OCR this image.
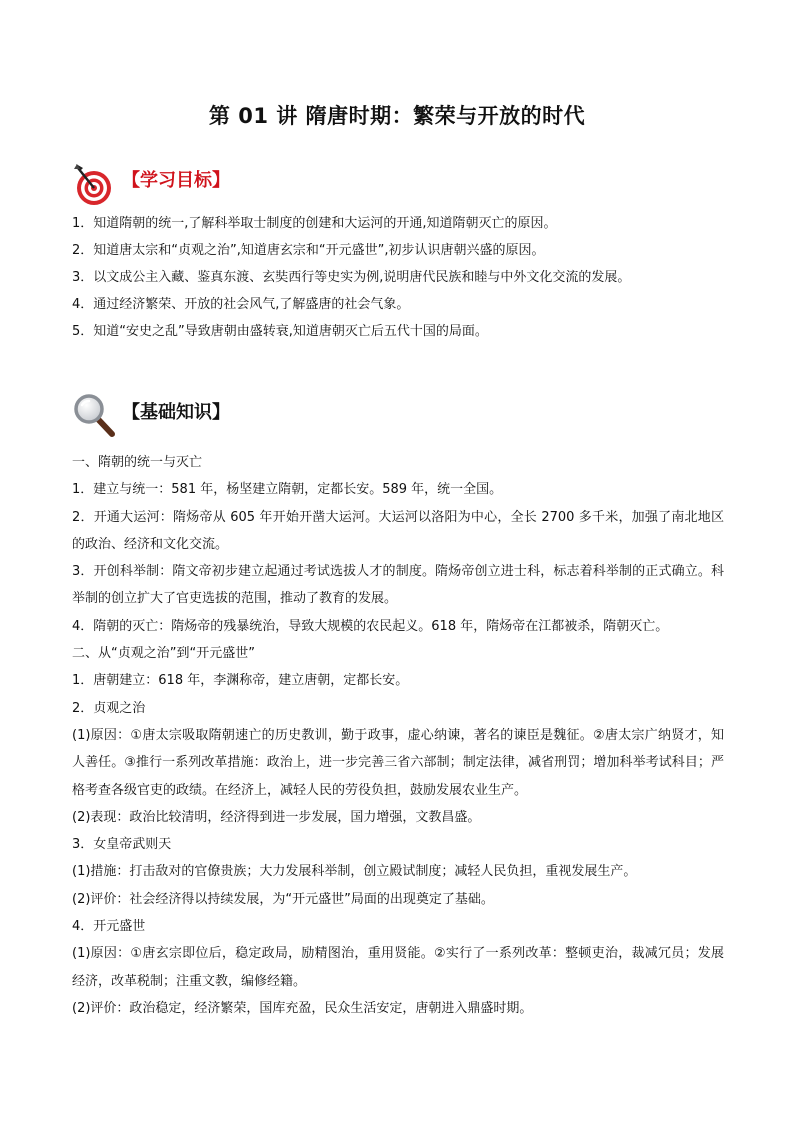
第 01 讲 隋唐时期：繁荣与开放的时代
【学习目标】

1．知道隋朝的统一,了解科举取士制度的创建和大运河的开通,知道隋朝灭亡的原因。

2．知道唐太宗和“贞观之治”,知道唐玄宗和“开元盛世”,初步认识唐朝兴盛的原因。

3．以文成公主入藏、鉴真东渡、玄奘西行等史实为例,说明唐代民族和睦与中外文化交流的发展。

4．通过经济繁荣、开放的社会风气,了解盛唐的社会气象。

5．知道“安史之乱”导致唐朝由盛转衰,知道唐朝灭亡后五代十国的局面。

【基础知识】

一、隋朝的统一与灭亡

1．建立与统一：581 年，杨坚建立隋朝，定都长安。589 年，统一全国。

2．开通大运河：隋炀帝从 605 年开始开凿大运河。大运河以洛阳为中心，全长 2700 多千米，加强了南北地区的政治、经济和文化交流。

3．开创科举制：隋文帝初步建立起通过考试选拔人才的制度。隋炀帝创立进士科，标志着科举制的正式确立。科举制的创立扩大了官吏选拔的范围，推动了教育的发展。

4．隋朝的灭亡：隋炀帝的残暴统治，导致大规模的农民起义。618 年，隋炀帝在江都被杀，隋朝灭亡。

二、从“贞观之治”到“开元盛世”

1．唐朝建立：618 年，李渊称帝，建立唐朝，定都长安。

2．贞观之治

(1)原因：①唐太宗吸取隋朝速亡的历史教训，勤于政事，虚心纳谏，著名的谏臣是魏征。②唐太宗广纳贤才，知人善任。③推行一系列改革措施：政治上，进一步完善三省六部制；制定法律，减省刑罚；增加科举考试科目；严格考查各级官吏的政绩。在经济上，减轻人民的劳役负担，鼓励发展农业生产。

(2)表现：政治比较清明，经济得到进一步发展，国力增强，文教昌盛。

3．女皇帝武则天

(1)措施：打击敌对的官僚贵族；大力发展科举制，创立殿试制度；减轻人民负担，重视发展生产。

(2)评价：社会经济得以持续发展，为“开元盛世”局面的出现奠定了基础。

4．开元盛世

(1)原因：①唐玄宗即位后，稳定政局，励精图治，重用贤能。②实行了一系列改革：整顿吏治，裁减冗员；发展经济，改革税制；注重文教，编修经籍。

(2)评价：政治稳定，经济繁荣，国库充盈，民众生活安定，唐朝进入鼎盛时期。
